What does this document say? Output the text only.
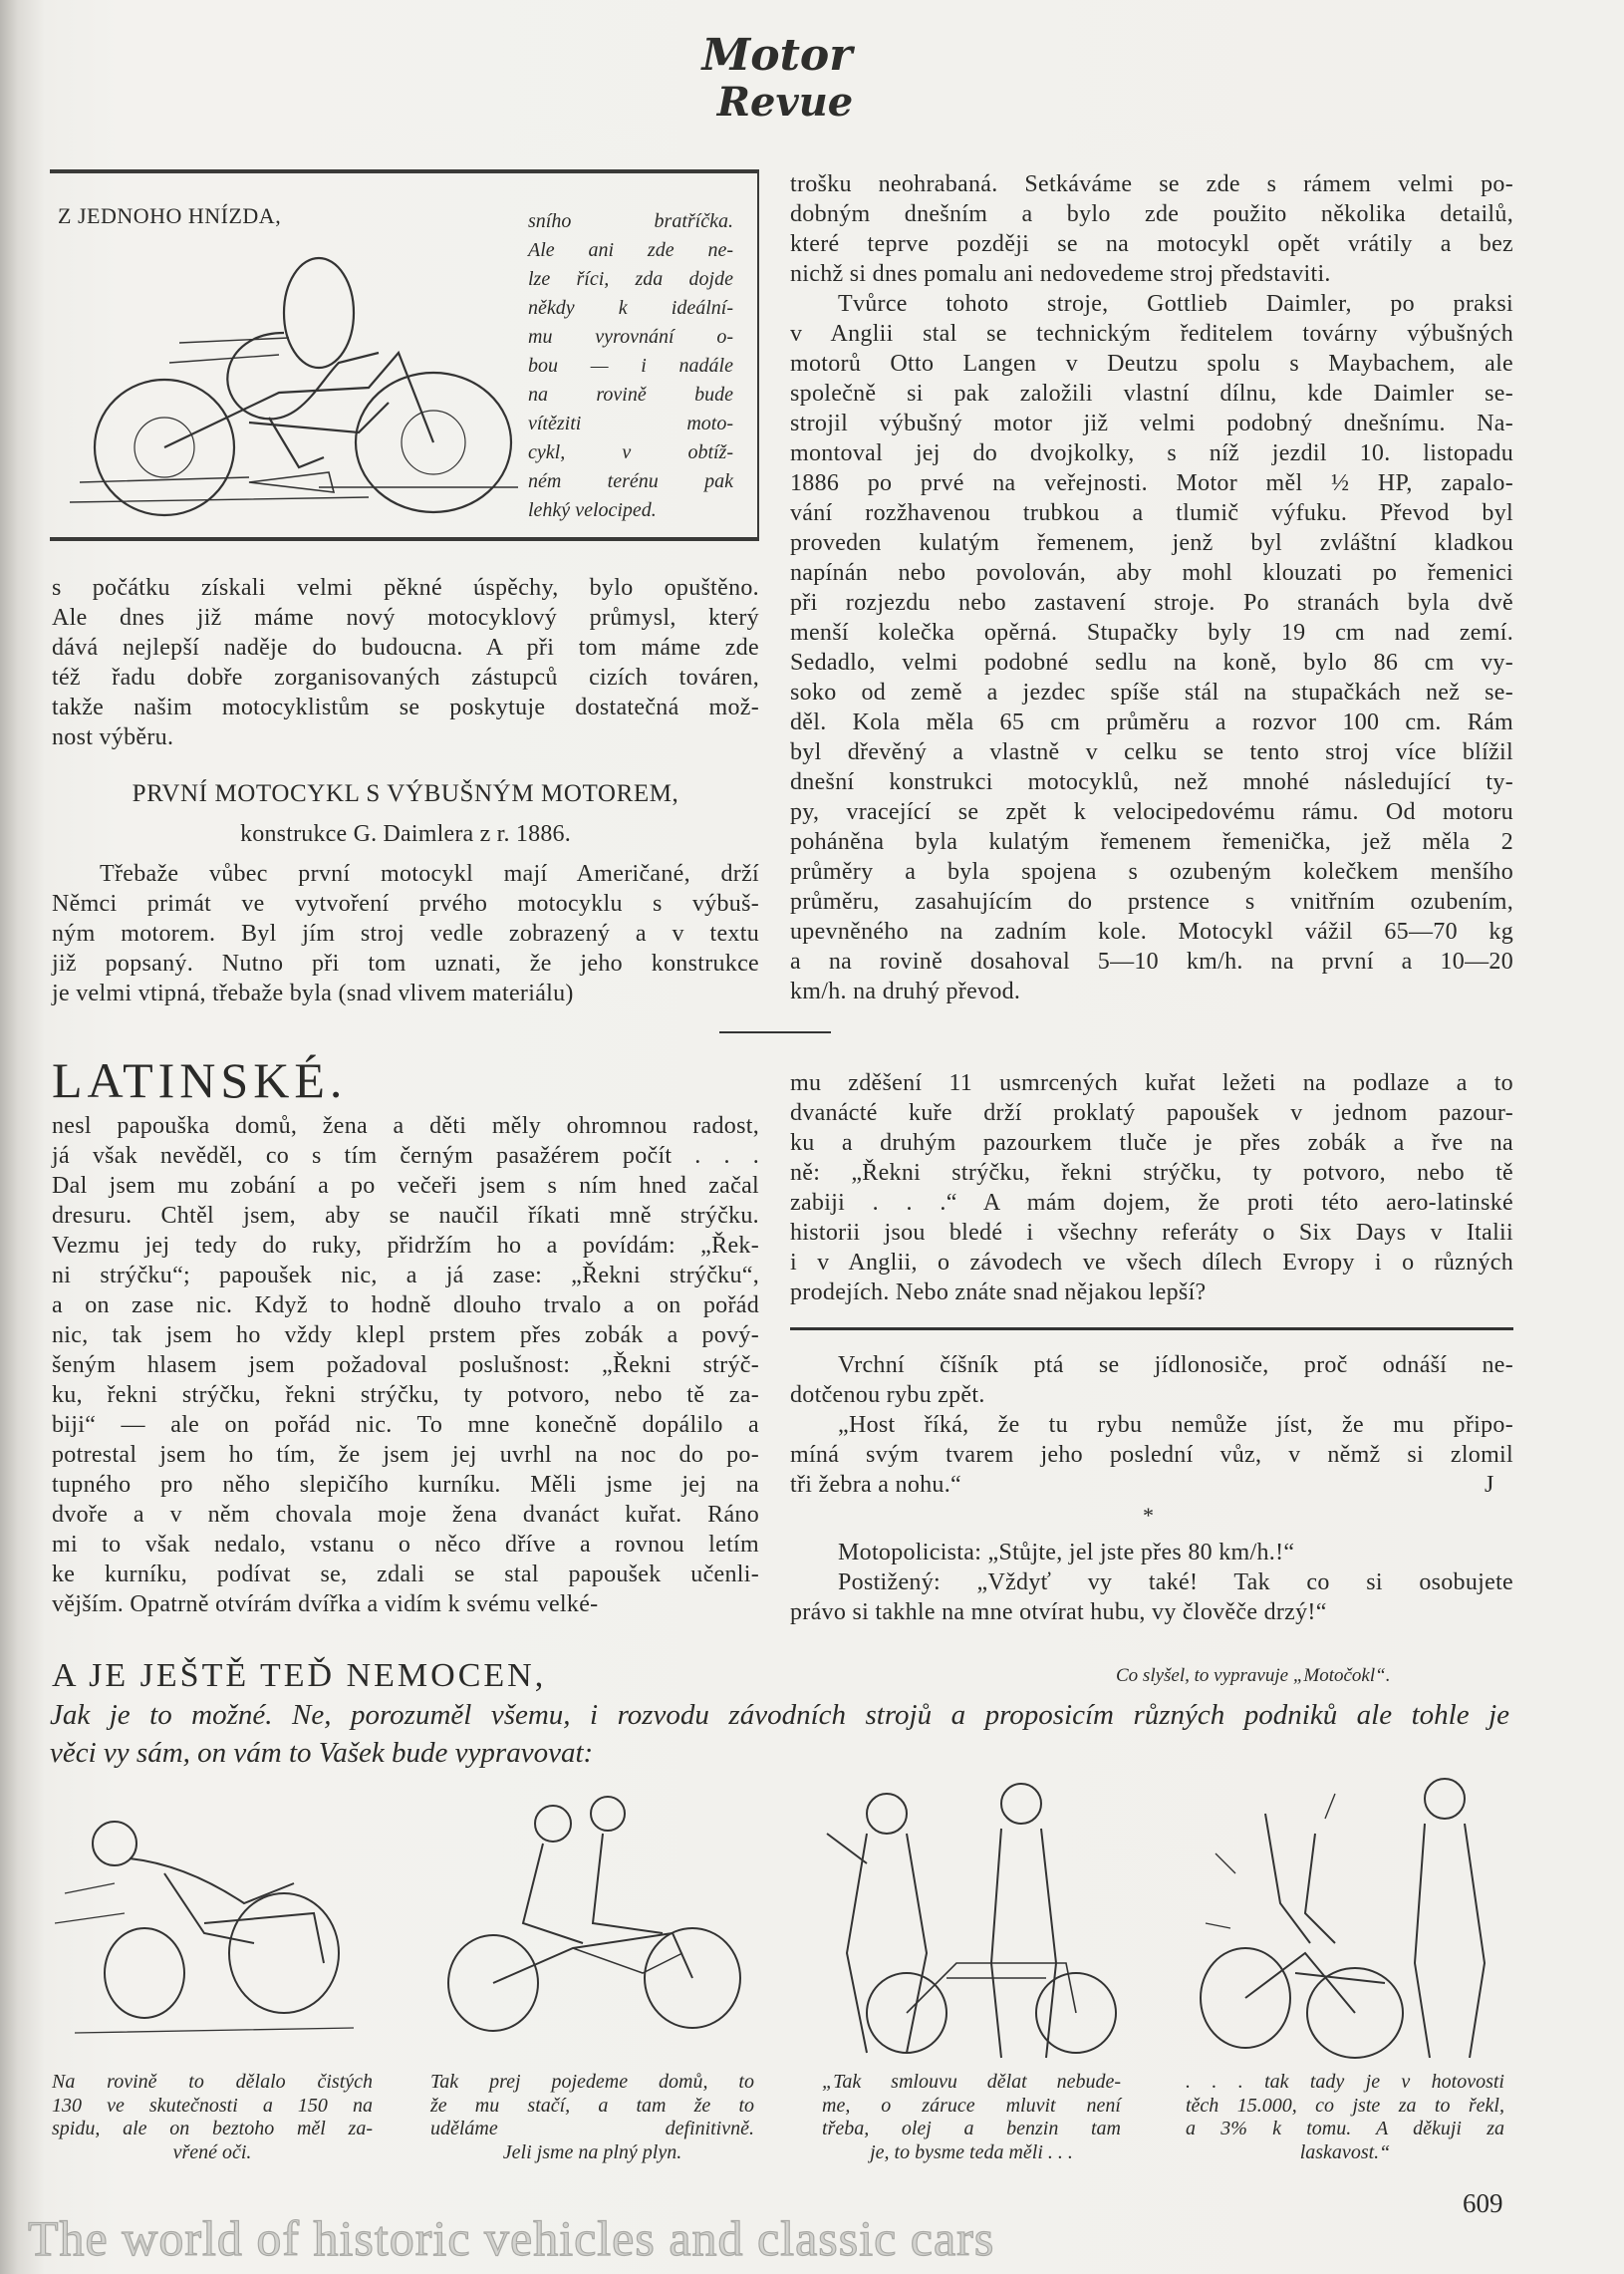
Motor
Revue
Z JEDNOHO HNÍZDA,	sního bratříčka.
Ale ani zde ne-
lze říci, zda dojde
někdy k ideální-
mu vyrovnání o-
bou — i nadále
na rovině bude
vítěziti moto-
cykl, v obtíž-
ném terénu pak
lehký velociped.
s počátku získali velmi pěkné úspěchy, bylo opuštěno.
Ale dnes již máme nový motocyklový průmysl, který
dává nejlepší naděje do budoucna. A při tom máme zde
též řadu dobře zorganisovaných zástupců cizích továren,
takže našim motocyklistům se poskytuje dostatečná mož-
nost výběru.
PRVNÍ MOTOCYKL S VÝBUŠNÝM MOTOREM,
konstrukce G. Daimlera z r. 1886.
Třebaže vůbec první motocykl mají Američané, drží
Němci primát ve vytvoření prvého motocyklu s výbuš-
ným motorem. Byl jím stroj vedle zobrazený a v textu
již popsaný. Nutno při tom uznati, že jeho konstrukce
je velmi vtipná, třebaže byla (snad vlivem materiálu)
trošku neohrabaná. Setkáváme se zde s rámem velmi po-
dobným dnešním a bylo zde použito několika detailů,
které teprve později se na motocykl opět vrátily a bez
nichž si dnes pomalu ani nedovedeme stroj představiti.
Tvůrce tohoto stroje, Gottlieb Daimler, po praksi
v Anglii stal se technickým ředitelem továrny výbušných
motorů Otto Langen v Deutzu spolu s Maybachem, ale
společně si pak založili vlastní dílnu, kde Daimler se-
strojil výbušný motor již velmi podobný dnešnímu. Na-
montoval jej do dvojkolky, s níž jezdil 10. listopadu
1886 po prvé na veřejnosti. Motor měl ½ HP, zapalo-
vání rozžhavenou trubkou a tlumič výfuku. Převod byl
proveden kulatým řemenem, jenž byl zvláštní kladkou
napínán nebo povolován, aby mohl klouzati po řemenici
při rozjezdu nebo zastavení stroje. Po stranách byla dvě
menší kolečka opěrná. Stupačky byly 19 cm nad zemí.
Sedadlo, velmi podobné sedlu na koně, bylo 86 cm vy-
soko od země a jezdec spíše stál na stupačkách než se-
děl. Kola měla 65 cm průměru a rozvor 100 cm. Rám
byl dřevěný a vlastně v celku se tento stroj více blížil
dnešní konstrukci motocyklů, než mnohé následující ty-
py, vracející se zpět k velocipedovému rámu. Od motoru
poháněna byla kulatým řemenem řemenička, jež měla 2
průměry a byla spojena s ozubeným kolečkem menšího
průměru, zasahujícím do prstence s vnitřním ozubením,
upevněného na zadním kole. Motocykl vážil 65—70 kg
a na rovině dosahoval 5—10 km/h. na první a 10—20
km/h. na druhý převod.
LATINSKÉ.
nesl papouška domů, žena a děti měly ohromnou radost,
já však nevěděl, co s tím černým pasažérem počít . . .
Dal jsem mu zobání a po večeři jsem s ním hned začal
dresuru. Chtěl jsem, aby se naučil říkati mně strýčku.
Vezmu jej tedy do ruky, přidržím ho a povídám: „Řek-
ni strýčku“; papoušek nic, a já zase: „Řekni strýčku“,
a on zase nic. Když to hodně dlouho trvalo a on pořád
nic, tak jsem ho vždy klepl prstem přes zobák a pový-
šeným hlasem jsem požadoval poslušnost: „Řekni strýč-
ku, řekni strýčku, řekni strýčku, ty potvoro, nebo tě za-
biji“ — ale on pořád nic. To mne konečně dopálilo a
potrestal jsem ho tím, že jsem jej uvrhl na noc do po-
tupného pro něho slepičího kurníku. Měli jsme jej na
dvoře a v něm chovala moje žena dvanáct kuřat. Ráno
mi to však nedalo, vstanu o něco dříve a rovnou letím
ke kurníku, podívat se, zdali se stal papoušek učenli-
vějším. Opatrně otvírám dvířka a vidím k svému velké-
mu zděšení 11 usmrcených kuřat ležeti na podlaze a to
dvanácté kuře drží proklatý papoušek v jednom pazour-
ku a druhým pazourkem tluče je přes zobák a řve na
ně: „Řekni strýčku, řekni strýčku, ty potvoro, nebo tě
zabiji . . .“ A mám dojem, že proti této aero-latinské
historii jsou bledé i všechny referáty o Six Days v Italii
i v Anglii, o závodech ve všech dílech Evropy i o různých
prodejích. Nebo znáte snad nějakou lepší?
Vrchní číšník ptá se jídlonosiče, proč odnáší ne-
dotčenou rybu zpět.
„Host říká, že tu rybu nemůže jíst, že mu připo-
míná svým tvarem jeho poslední vůz, v němž si zlomil
tři žebra a nohu.“	J
*
Motopolicista: „Stůjte, jel jste přes 80 km/h.!“
Postižený: „Vždyť vy také! Tak co si osobujete
právo si takhle na mne otvírat hubu, vy člověče drzý!“
A JE JEŠTĚ TEĎ NEMOCEN,	Co slyšel, to vypravuje „Motočokl“.
Jak je to možné. Ne, porozuměl všemu, i rozvodu závodních strojů a proposicím různých podniků ale tohle je
věci vy sám, on vám to Vašek bude vypravovat:
Na rovině to dělalo čistých
130 ve skutečnosti a 150 na
spidu, ale on beztoho měl za-
vřené oči.
Tak prej pojedeme domů, to
že mu stačí, a tam že to
uděláme definitivně.
Jeli jsme na plný plyn.
„Tak smlouvu dělat nebude-
me, o záruce mluvit není
třeba, olej a benzin tam
je, to bysme teda měli . . .
. . . tak tady je v hotovosti
těch 15.000, co jste za to řekl,
a 3% k tomu. A děkuji za
laskavost.“
609
The world of historic vehicles and classic cars
